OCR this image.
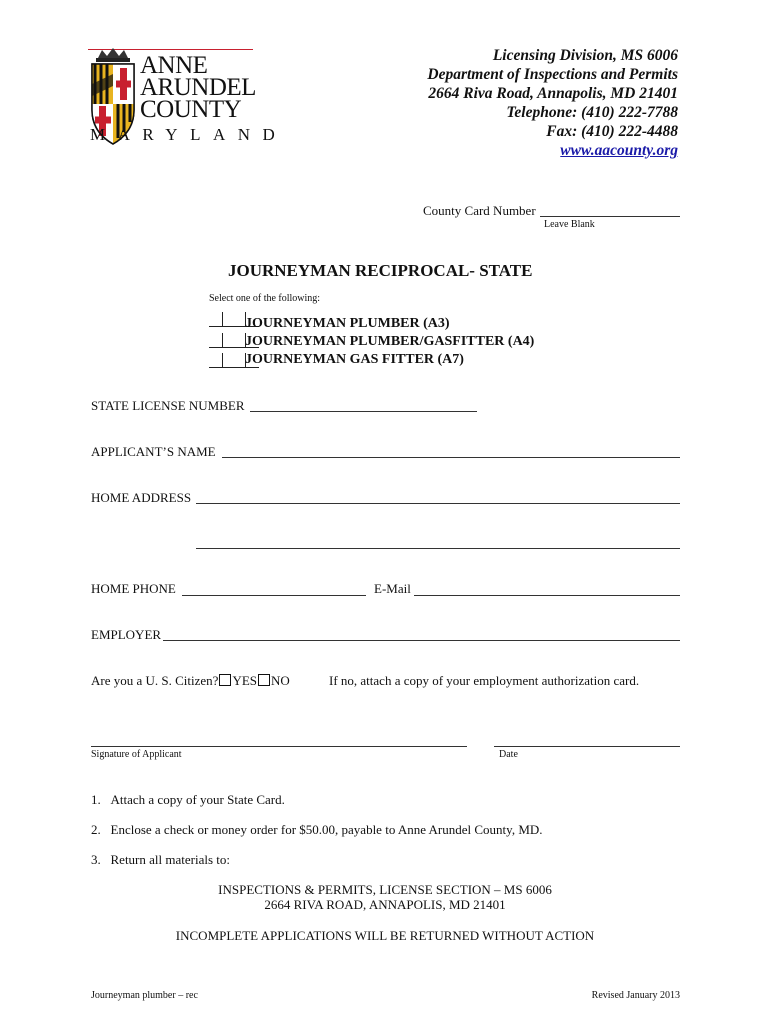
ANNE
ARUNDEL
COUNTY
MARYLAND
Licensing Division, MS 6006
Department of Inspections and Permits
2664 Riva Road, Annapolis, MD 21401
Telephone: (410) 222-7788
Fax: (410) 222-4488
www.aacounty.org
County Card Number
Leave Blank
JOURNEYMAN RECIPROCAL- STATE
Select one of the following:
JOURNEYMAN PLUMBER (A3)
JOURNEYMAN PLUMBER/GASFITTER (A4)
JOURNEYMAN GAS FITTER (A7)
STATE LICENSE NUMBER
APPLICANT’S NAME
HOME ADDRESS
HOME PHONE	E-Mail
EMPLOYER
Are you a U. S. Citizen? YES NO	If no, attach a copy of your employment authorization card.
Signature of Applicant	Date
1.   Attach a copy of your State Card.
2.   Enclose a check or money order for $50.00, payable to Anne Arundel County, MD.
3.   Return all materials to:
INSPECTIONS & PERMITS, LICENSE SECTION – MS 6006
2664 RIVA ROAD, ANNAPOLIS, MD 21401
INCOMPLETE APPLICATIONS WILL BE RETURNED WITHOUT ACTION
Journeyman plumber – rec	Revised January 2013
